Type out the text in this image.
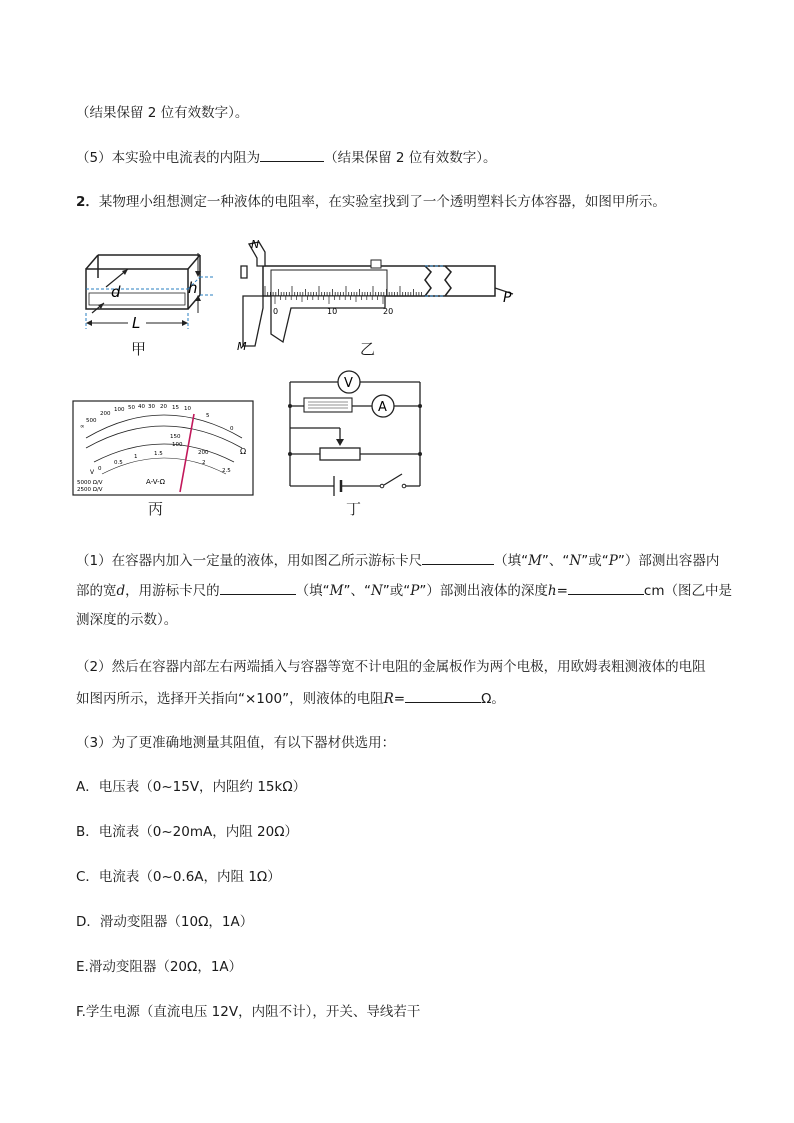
（结果保留 2 位有效数字）。
（5）本实验中电流表的内阻为	（结果保留 2 位有效数字）。
2．某物理小组想测定一种液体的电阻率，在实验室找到了一个透明塑料长方体容器，如图甲所示。
d	h
L
甲
N
M
P
0	10	20
乙
∞
500
200
100 50 40 30 20 15 10
5
0
Ω
150
100
200
0
0.5
1	1.5
2
2.5
V
5000 Ω/V
2500 Ω/V
A-V-Ω
丙
V
A
丁
（1）在容器内加入一定量的液体，用如图乙所示游标卡尺	（填“M”、“N”或“P”）部测出容器内
部的宽d，用游标卡尺的	（填“M”、“N”或“P”）部测出液体的深度h=	cm（图乙中是
测深度的示数）。
（2）然后在容器内部左右两端插入与容器等宽不计电阻的金属板作为两个电极，用欧姆表粗测液体的电阻
如图丙所示，选择开关指向“×100”，则液体的电阻R=	Ω。
（3）为了更准确地测量其阻值，有以下器材供选用：
A．电压表（0~15V，内阻约 15kΩ）
B．电流表（0~20mA，内阻 20Ω）
C．电流表（0~0.6A，内阻 1Ω）
D．滑动变阻器（10Ω，1A）
E.滑动变阻器（20Ω，1A）
F.学生电源（直流电压 12V，内阻不计），开关、导线若干
